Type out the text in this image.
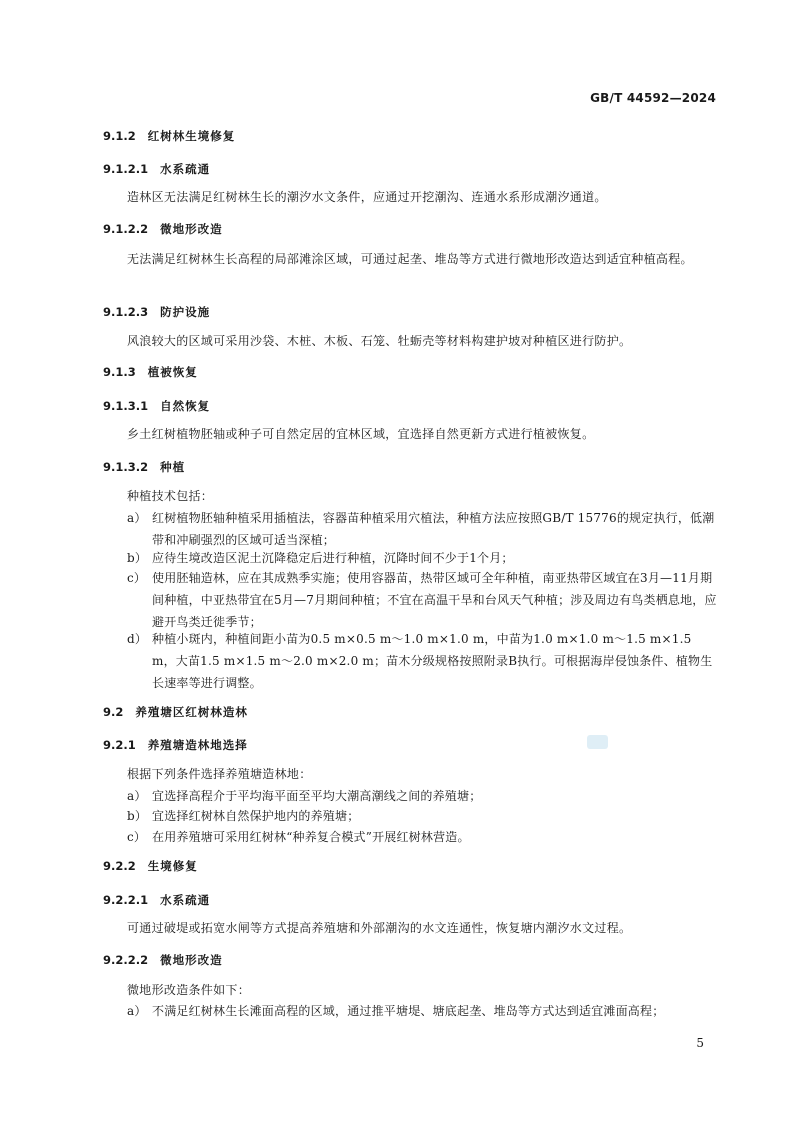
GB/T 44592—2024
9.1.2 红树林生境修复
9.1.2.1 水系疏通
造林区无法满足红树林生长的潮汐水文条件，应通过开挖潮沟、连通水系形成潮汐通道。
9.1.2.2 微地形改造
无法满足红树林生长高程的局部滩涂区域，可通过起垄、堆岛等方式进行微地形改造达到适宜种植高程。
9.1.2.3 防护设施
风浪较大的区域可采用沙袋、木桩、木板、石笼、牡蛎壳等材料构建护坡对种植区进行防护。
9.1.3 植被恢复
9.1.3.1 自然恢复
乡土红树植物胚轴或种子可自然定居的宜林区域，宜选择自然更新方式进行植被恢复。
9.1.3.2 种植
种植技术包括：
a） 红树植物胚轴种植采用插植法，容器苗种植采用穴植法，种植方法应按照GB/T 15776的规定执行，低潮带和冲刷强烈的区域可适当深植；
b） 应待生境改造区泥土沉降稳定后进行种植，沉降时间不少于1个月；
c） 使用胚轴造林，应在其成熟季实施；使用容器苗，热带区域可全年种植，南亚热带区域宜在3月—11月期间种植，中亚热带宜在5月—7月期间种植；不宜在高温干旱和台风天气种植；涉及周边有鸟类栖息地，应避开鸟类迁徙季节；
d） 种植小斑内，种植间距小苗为0.5 m×0.5 m～1.0 m×1.0 m，中苗为1.0 m×1.0 m～1.5 m×1.5 m，大苗1.5 m×1.5 m～2.0 m×2.0 m；苗木分级规格按照附录B执行。可根据海岸侵蚀条件、植物生长速率等进行调整。
9.2 养殖塘区红树林造林
9.2.1 养殖塘造林地选择
根据下列条件选择养殖塘造林地：
a） 宜选择高程介于平均海平面至平均大潮高潮线之间的养殖塘；
b） 宜选择红树林自然保护地内的养殖塘；
c） 在用养殖塘可采用红树林“种养复合模式”开展红树林营造。
9.2.2 生境修复
9.2.2.1 水系疏通
可通过破堤或拓宽水闸等方式提高养殖塘和外部潮沟的水文连通性，恢复塘内潮汐水文过程。
9.2.2.2 微地形改造
微地形改造条件如下：
a） 不满足红树林生长滩面高程的区域，通过推平塘堤、塘底起垄、堆岛等方式达到适宜滩面高程；
5
